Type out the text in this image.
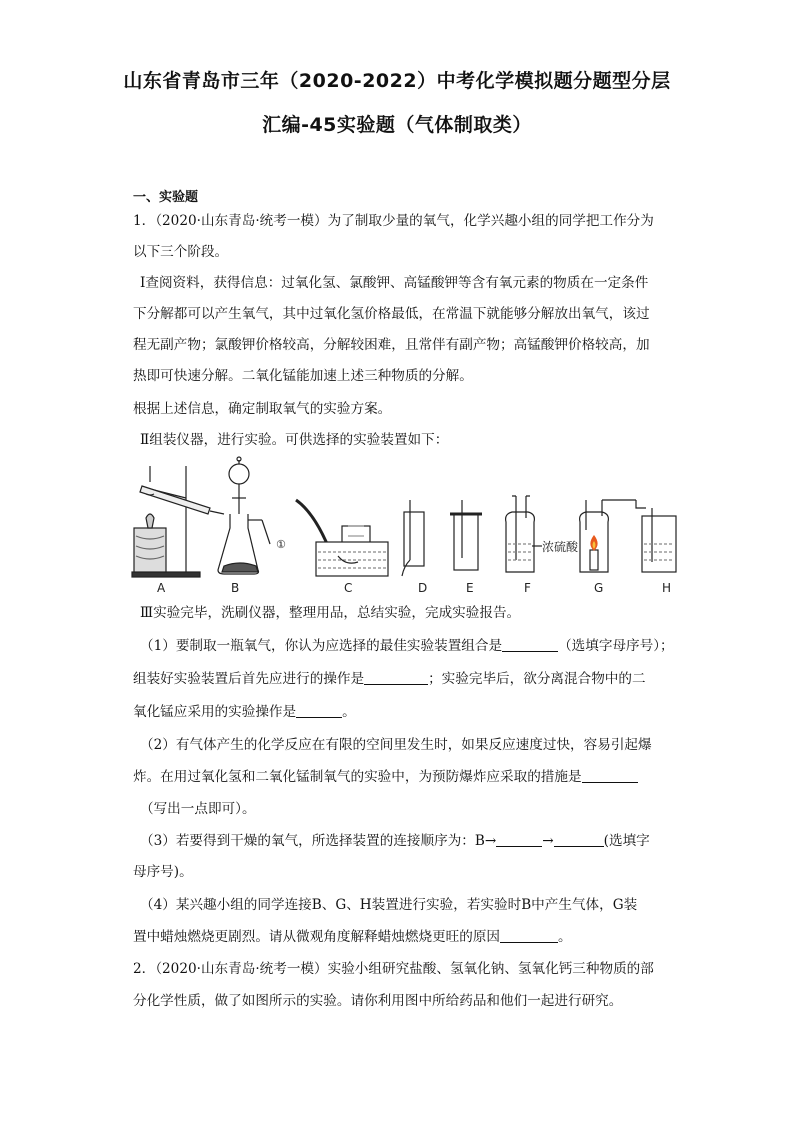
山东省青岛市三年（2020-2022）中考化学模拟题分题型分层
汇编-45实验题（气体制取类）
一、实验题
1．（2020·山东青岛·统考一模）为了制取少量的氧气，化学兴趣小组的同学把工作分为
以下三个阶段。
Ⅰ查阅资料，获得信息：过氧化氢、氯酸钾、高锰酸钾等含有氧元素的物质在一定条件
下分解都可以产生氧气，其中过氧化氢价格最低，在常温下就能够分解放出氧气，该过
程无副产物；氯酸钾价格较高，分解较困难，且常伴有副产物；高锰酸钾价格较高，加
热即可快速分解。二氧化锰能加速上述三种物质的分解。
根据上述信息，确定制取氧气的实验方案。
Ⅱ组装仪器，进行实验。可供选择的实验装置如下：
①	浓硫酸
A	B	C	D	E	F	G	H
Ⅲ实验完毕，洗刷仪器，整理用品，总结实验，完成实验报告。
（1）要制取一瓶氧气，你认为应选择的最佳实验装置组合是	（选填字母序号）；
组装好实验装置后首先应进行的操作是	；实验完毕后，欲分离混合物中的二
氧化锰应采用的实验操作是	。
（2）有气体产生的化学反应在有限的空间里发生时，如果反应速度过快，容易引起爆
炸。在用过氧化氢和二氧化锰制氧气的实验中，为预防爆炸应采取的措施是
（写出一点即可）。
（3）若要得到干燥的氧气，所选择装置的连接顺序为：B→	→	(选填字
母序号)。
（4）某兴趣小组的同学连接B、G、H装置进行实验，若实验时B中产生气体，G装
置中蜡烛燃烧更剧烈。请从微观角度解释蜡烛燃烧更旺的原因	。
2．（2020·山东青岛·统考一模）实验小组研究盐酸、氢氧化钠、氢氧化钙三种物质的部
分化学性质，做了如图所示的实验。请你利用图中所给药品和他们一起进行研究。
